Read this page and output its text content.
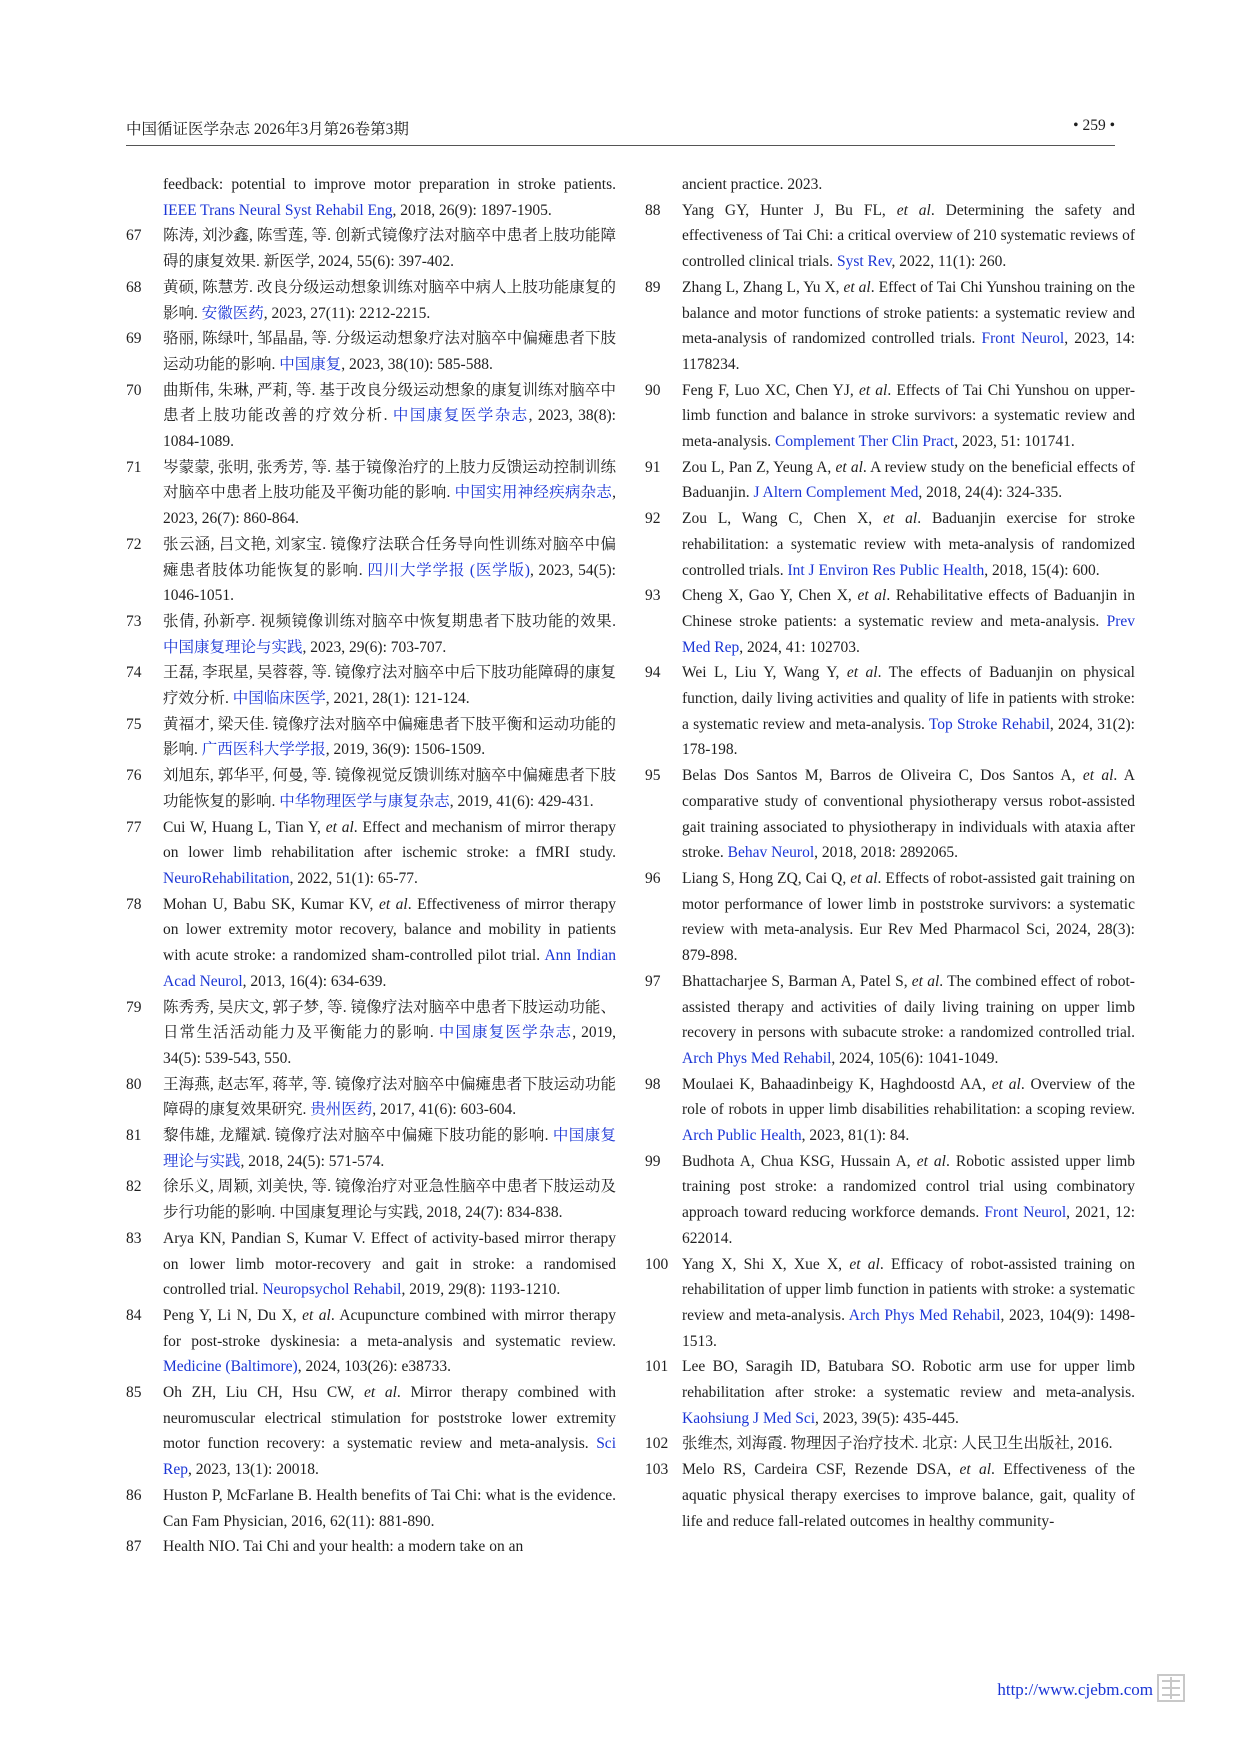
中国循证医学杂志 2026年3月第26卷第3期	• 259 •
feedback: potential to improve motor preparation in stroke patients. IEEE Trans Neural Syst Rehabil Eng, 2018, 26(9): 1897-1905.
67	陈涛, 刘沙鑫, 陈雪莲, 等. 创新式镜像疗法对脑卒中患者上肢功能障碍的康复效果. 新医学, 2024, 55(6): 397-402.
68	黄硕, 陈慧芳. 改良分级运动想象训练对脑卒中病人上肢功能康复的影响. 安徽医药, 2023, 27(11): 2212-2215.
69	骆丽, 陈绿叶, 邹晶晶, 等. 分级运动想象疗法对脑卒中偏瘫患者下肢运动功能的影响. 中国康复, 2023, 38(10): 585-588.
70	曲斯伟, 朱琳, 严莉, 等. 基于改良分级运动想象的康复训练对脑卒中患者上肢功能改善的疗效分析. 中国康复医学杂志, 2023, 38(8): 1084-1089.
71	岑蒙蒙, 张明, 张秀芳, 等. 基于镜像治疗的上肢力反馈运动控制训练对脑卒中患者上肢功能及平衡功能的影响. 中国实用神经疾病杂志, 2023, 26(7): 860-864.
72	张云涵, 吕文艳, 刘家宝. 镜像疗法联合任务导向性训练对脑卒中偏瘫患者肢体功能恢复的影响. 四川大学学报 (医学版), 2023, 54(5): 1046-1051.
73	张倩, 孙新亭. 视频镜像训练对脑卒中恢复期患者下肢功能的效果. 中国康复理论与实践, 2023, 29(6): 703-707.
74	王磊, 李珉星, 吴蓉蓉, 等. 镜像疗法对脑卒中后下肢功能障碍的康复疗效分析. 中国临床医学, 2021, 28(1): 121-124.
75	黄福才, 梁天佳. 镜像疗法对脑卒中偏瘫患者下肢平衡和运动功能的影响. 广西医科大学学报, 2019, 36(9): 1506-1509.
76	刘旭东, 郭华平, 何曼, 等. 镜像视觉反馈训练对脑卒中偏瘫患者下肢功能恢复的影响. 中华物理医学与康复杂志, 2019, 41(6): 429-431.
77	Cui W, Huang L, Tian Y, et al. Effect and mechanism of mirror therapy on lower limb rehabilitation after ischemic stroke: a fMRI study. NeuroRehabilitation, 2022, 51(1): 65-77.
78	Mohan U, Babu SK, Kumar KV, et al. Effectiveness of mirror therapy on lower extremity motor recovery, balance and mobility in patients with acute stroke: a randomized sham-controlled pilot trial. Ann Indian Acad Neurol, 2013, 16(4): 634-639.
79	陈秀秀, 吴庆文, 郭子梦, 等. 镜像疗法对脑卒中患者下肢运动功能、日常生活活动能力及平衡能力的影响. 中国康复医学杂志, 2019, 34(5): 539-543, 550.
80	王海燕, 赵志军, 蒋苹, 等. 镜像疗法对脑卒中偏瘫患者下肢运动功能障碍的康复效果研究. 贵州医药, 2017, 41(6): 603-604.
81	黎伟雄, 龙耀斌. 镜像疗法对脑卒中偏瘫下肢功能的影响. 中国康复理论与实践, 2018, 24(5): 571-574.
82	徐乐义, 周颖, 刘美快, 等. 镜像治疗对亚急性脑卒中患者下肢运动及步行功能的影响. 中国康复理论与实践, 2018, 24(7): 834-838.
83	Arya KN, Pandian S, Kumar V. Effect of activity-based mirror therapy on lower limb motor-recovery and gait in stroke: a randomised controlled trial. Neuropsychol Rehabil, 2019, 29(8): 1193-1210.
84	Peng Y, Li N, Du X, et al. Acupuncture combined with mirror therapy for post-stroke dyskinesia: a meta-analysis and systematic review. Medicine (Baltimore), 2024, 103(26): e38733.
85	Oh ZH, Liu CH, Hsu CW, et al. Mirror therapy combined with neuromuscular electrical stimulation for poststroke lower extremity motor function recovery: a systematic review and meta-analysis. Sci Rep, 2023, 13(1): 20018.
86	Huston P, McFarlane B. Health benefits of Tai Chi: what is the evidence. Can Fam Physician, 2016, 62(11): 881-890.
87	Health NIO. Tai Chi and your health: a modern take on an
ancient practice. 2023.
88	Yang GY, Hunter J, Bu FL, et al. Determining the safety and effectiveness of Tai Chi: a critical overview of 210 systematic reviews of controlled clinical trials. Syst Rev, 2022, 11(1): 260.
89	Zhang L, Zhang L, Yu X, et al. Effect of Tai Chi Yunshou training on the balance and motor functions of stroke patients: a systematic review and meta-analysis of randomized controlled trials. Front Neurol, 2023, 14: 1178234.
90	Feng F, Luo XC, Chen YJ, et al. Effects of Tai Chi Yunshou on upper-limb function and balance in stroke survivors: a systematic review and meta-analysis. Complement Ther Clin Pract, 2023, 51: 101741.
91	Zou L, Pan Z, Yeung A, et al. A review study on the beneficial effects of Baduanjin. J Altern Complement Med, 2018, 24(4): 324-335.
92	Zou L, Wang C, Chen X, et al. Baduanjin exercise for stroke rehabilitation: a systematic review with meta-analysis of randomized controlled trials. Int J Environ Res Public Health, 2018, 15(4): 600.
93	Cheng X, Gao Y, Chen X, et al. Rehabilitative effects of Baduanjin in Chinese stroke patients: a systematic review and meta-analysis. Prev Med Rep, 2024, 41: 102703.
94	Wei L, Liu Y, Wang Y, et al. The effects of Baduanjin on physical function, daily living activities and quality of life in patients with stroke: a systematic review and meta-analysis. Top Stroke Rehabil, 2024, 31(2): 178-198.
95	Belas Dos Santos M, Barros de Oliveira C, Dos Santos A, et al. A comparative study of conventional physiotherapy versus robot-assisted gait training associated to physiotherapy in individuals with ataxia after stroke. Behav Neurol, 2018, 2018: 2892065.
96	Liang S, Hong ZQ, Cai Q, et al. Effects of robot-assisted gait training on motor performance of lower limb in poststroke survivors: a systematic review with meta-analysis. Eur Rev Med Pharmacol Sci, 2024, 28(3): 879-898.
97	Bhattacharjee S, Barman A, Patel S, et al. The combined effect of robot-assisted therapy and activities of daily living training on upper limb recovery in persons with subacute stroke: a randomized controlled trial. Arch Phys Med Rehabil, 2024, 105(6): 1041-1049.
98	Moulaei K, Bahaadinbeigy K, Haghdoostd AA, et al. Overview of the role of robots in upper limb disabilities rehabilitation: a scoping review. Arch Public Health, 2023, 81(1): 84.
99	Budhota A, Chua KSG, Hussain A, et al. Robotic assisted upper limb training post stroke: a randomized control trial using combinatory approach toward reducing workforce demands. Front Neurol, 2021, 12: 622014.
100 Yang X, Shi X, Xue X, et al. Efficacy of robot-assisted training on rehabilitation of upper limb function in patients with stroke: a systematic review and meta-analysis. Arch Phys Med Rehabil, 2023, 104(9): 1498-1513.
101 Lee BO, Saragih ID, Batubara SO. Robotic arm use for upper limb rehabilitation after stroke: a systematic review and meta-analysis. Kaohsiung J Med Sci, 2023, 39(5): 435-445.
102 张维杰, 刘海霞. 物理因子治疗技术. 北京: 人民卫生出版社, 2016.
103 Melo RS, Cardeira CSF, Rezende DSA, et al. Effectiveness of the aquatic physical therapy exercises to improve balance, gait, quality of life and reduce fall-related outcomes in healthy community-
http://www.cjebm.com
